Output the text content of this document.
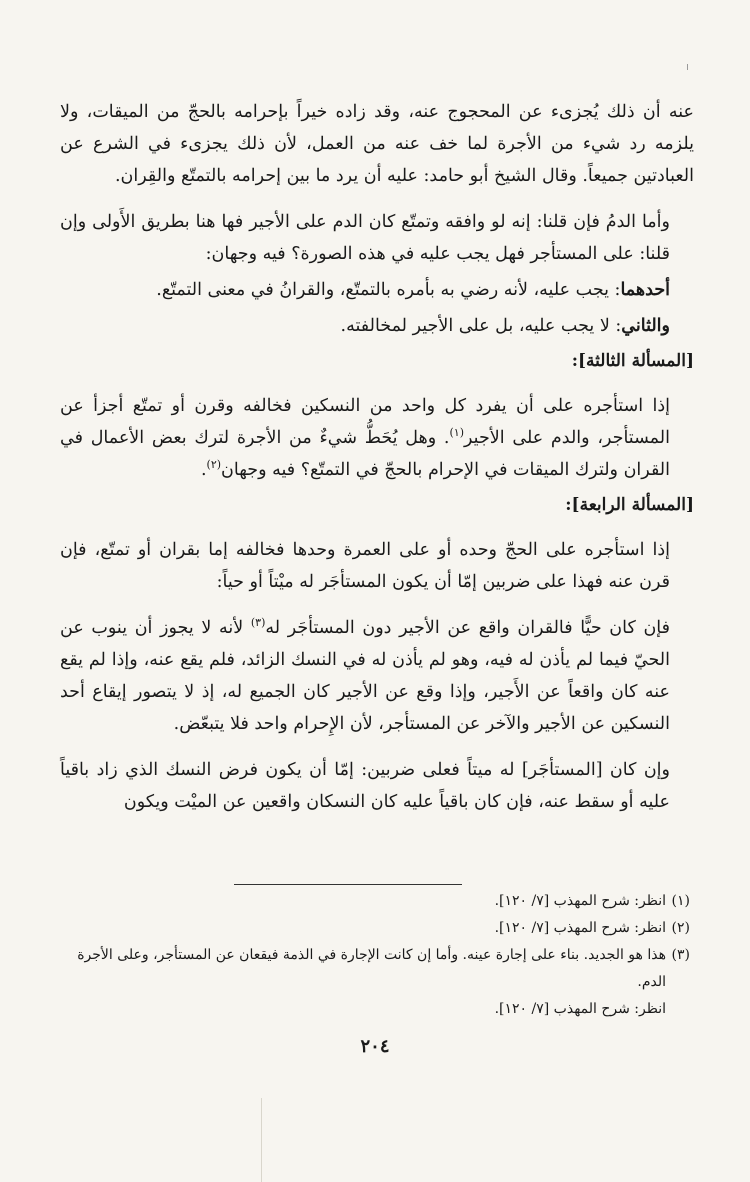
عنه أن ذلك يُجزىء عن المحجوج عنه، وقد زاده خيراً بإحرامه بالحجّ من الميقات، ولا يلزمه رد شيء من الأجرة لما خف عنه من العمل، لأن ذلك يجزىء في الشرع عن العبادتين جميعاً. وقال الشيخ أبو حامد: عليه أن يرد ما بين إحرامه بالتمتّع والقِران.

وأما الدمُ فإن قلنا: إنه لو وافقه وتمتّع كان الدم على الأجير فها هنا بطريق الأَولى وإن قلنا: على المستأجر فهل يجب عليه في هذه الصورة؟ فيه وجهان:

أحدهما: يجب عليه، لأنه رضي به بأمره بالتمتّع، والقرانُ في معنى التمتّع.

والثاني: لا يجب عليه، بل على الأجير لمخالفته.

[المسألة الثالثة]:

إذا استأجره على أن يفرد كل واحد من النسكين فخالفه وقرن أو تمتّع أجزأ عن المستأجر، والدم على الأجير$^{(١)}$. وهل يُحَطُّ شيءٌ من الأجرة لترك بعض الأعمال في القران ولترك الميقات في الإحرام بالحجّ في التمتّع؟ فيه وجهان$^{(٢)}$.

[المسألة الرابعة]:

إذا استأجره على الحجّ وحده أو على العمرة وحدها فخالفه إما بقران أو تمتّع، فإن قرن عنه فهذا على ضربين إمّا أن يكون المستأجَر له ميْتاً أو حياً:

فإن كان حيًّا فالقران واقع عن الأجير دون المستأجَر له$^{(٣)}$ لأنه لا يجوز أن ينوب عن الحيّ فيما لم يأذن له فيه، وهو لم يأذن له في النسك الزائد، فلم يقع عنه، وإذا لم يقع عنه كان واقعاً عن الأَجير، وإذا وقع عن الأجير كان الجميع له، إذ لا يتصور إيقاع أحد النسكين عن الأجير والآخر عن المستأجر، لأن الإِحرام واحد فلا يتبعّض.

وإن كان [المستأجَر] له ميتاً فعلى ضربين: إمّا أن يكون فرض النسك الذي زاد باقياً عليه أو سقط عنه، فإن كان باقياً عليه كان النسكان واقعين عن الميْت ويكون

(١)
انظر: شرح المهذب [٧/ ١٢٠].
(٢)
انظر: شرح المهذب [٧/ ١٢٠].
(٣)
هذا هو الجديد. بناء على إجارة عينه. وأما إن كانت الإجارة في الذمة فيقعان عن المستأجر، وعلى الأجرة الدم.
انظر: شرح المهذب [٧/ ١٢٠].
٢٠٤
